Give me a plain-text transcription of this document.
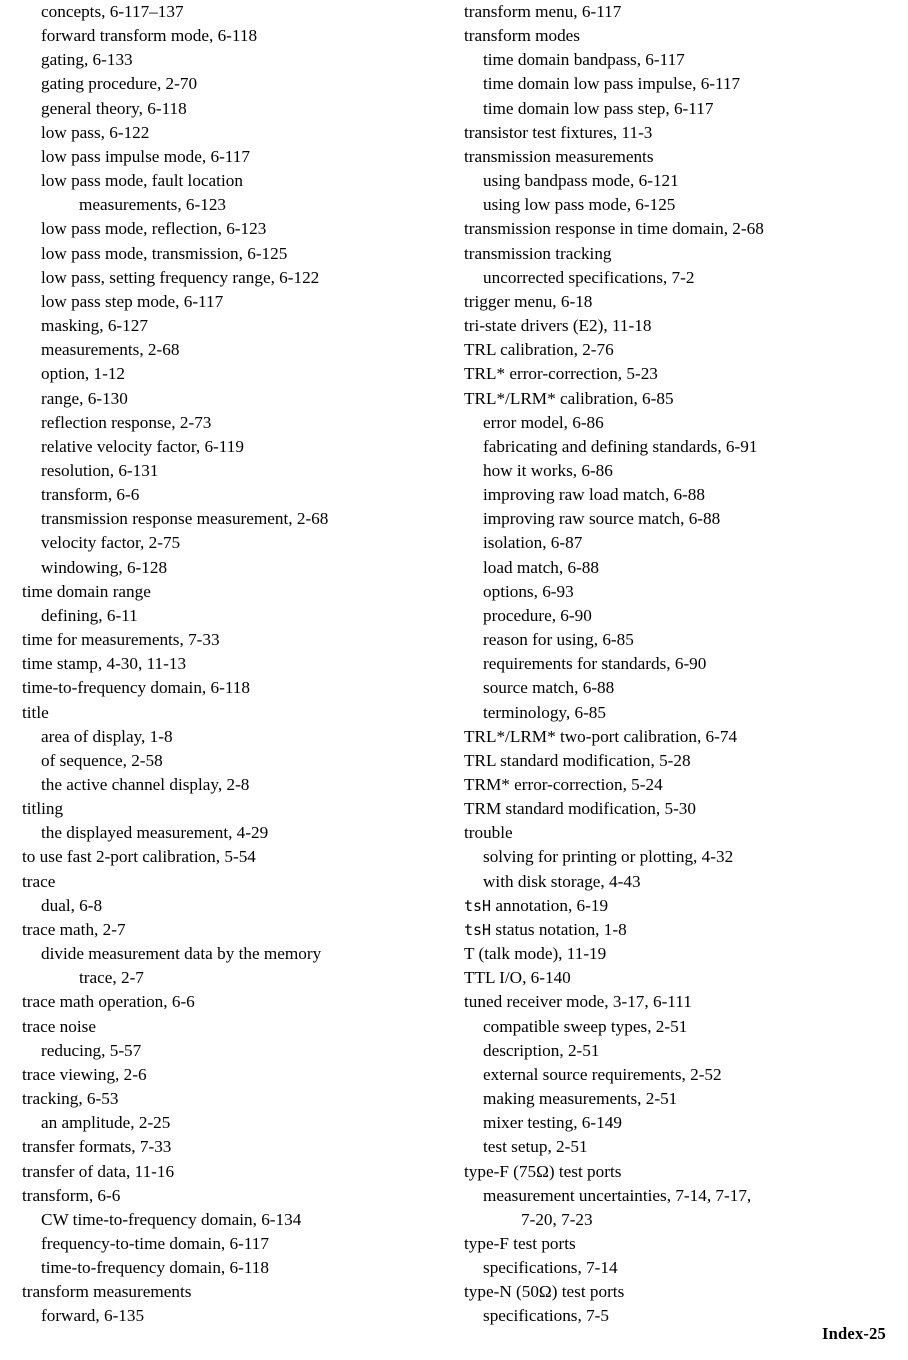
concepts, 6-117–137
forward transform mode, 6-118
gating, 6-133
gating procedure, 2-70
general theory, 6-118
low pass, 6-122
low pass impulse mode, 6-117
low pass mode, fault location
measurements, 6-123
low pass mode, reflection, 6-123
low pass mode, transmission, 6-125
low pass, setting frequency range, 6-122
low pass step mode, 6-117
masking, 6-127
measurements, 2-68
option, 1-12
range, 6-130
reflection response, 2-73
relative velocity factor, 6-119
resolution, 6-131
transform, 6-6
transmission response measurement, 2-68
velocity factor, 2-75
windowing, 6-128
time domain range
defining, 6-11
time for measurements, 7-33
time stamp, 4-30, 11-13
time-to-frequency domain, 6-118
title
area of display, 1-8
of sequence, 2-58
the active channel display, 2-8
titling
the displayed measurement, 4-29
to use fast 2-port calibration, 5-54
trace
dual, 6-8
trace math, 2-7
divide measurement data by the memory
trace, 2-7
trace math operation, 6-6
trace noise
reducing, 5-57
trace viewing, 2-6
tracking, 6-53
an amplitude, 2-25
transfer formats, 7-33
transfer of data, 11-16
transform, 6-6
CW time-to-frequency domain, 6-134
frequency-to-time domain, 6-117
time-to-frequency domain, 6-118
transform measurements
forward, 6-135
transform menu, 6-117
transform modes
time domain bandpass, 6-117
time domain low pass impulse, 6-117
time domain low pass step, 6-117
transistor test fixtures, 11-3
transmission measurements
using bandpass mode, 6-121
using low pass mode, 6-125
transmission response in time domain, 2-68
transmission tracking
uncorrected specifications, 7-2
trigger menu, 6-18
tri-state drivers (E2), 11-18
TRL calibration, 2-76
TRL* error-correction, 5-23
TRL*/LRM* calibration, 6-85
error model, 6-86
fabricating and defining standards, 6-91
how it works, 6-86
improving raw load match, 6-88
improving raw source match, 6-88
isolation, 6-87
load match, 6-88
options, 6-93
procedure, 6-90
reason for using, 6-85
requirements for standards, 6-90
source match, 6-88
terminology, 6-85
TRL*/LRM* two-port calibration, 6-74
TRL standard modification, 5-28
TRM* error-correction, 5-24
TRM standard modification, 5-30
trouble
solving for printing or plotting, 4-32
with disk storage, 4-43
tsH annotation, 6-19
tsH status notation, 1-8
T (talk mode), 11-19
TTL I/O, 6-140
tuned receiver mode, 3-17, 6-111
compatible sweep types, 2-51
description, 2-51
external source requirements, 2-52
making measurements, 2-51
mixer testing, 6-149
test setup, 2-51
type-F (75Ω) test ports
measurement uncertainties, 7-14, 7-17,
7-20, 7-23
type-F test ports
specifications, 7-14
type-N (50Ω) test ports
specifications, 7-5
Index-25
